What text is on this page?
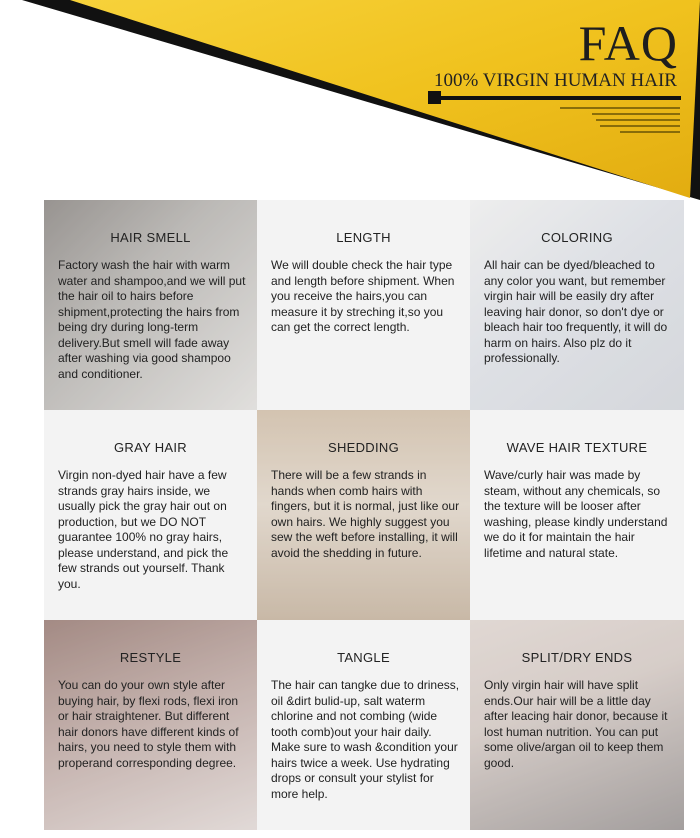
FAQ
100% VIRGIN HUMAN HAIR
HAIR SMELL
Factory wash the hair with warm water and shampoo,and we will put the hair oil to hairs before shipment,protecting the hairs from being dry during long-term delivery.But smell will fade away after washing via good shampoo and conditioner.
LENGTH
We will double check the hair type and length before shipment. When you receive the hairs,you can measure it by streching it,so you can get the correct length.
COLORING
All hair can be dyed/bleached to any color you want, but remember virgin hair will be easily dry after leaving hair donor, so don't dye or bleach hair too frequently, it will do harm on hairs. Also plz do it professionally.
GRAY HAIR
Virgin non-dyed hair have a few strands gray hairs inside, we usually pick the gray hair out on production, but we DO NOT guarantee 100% no gray hairs, please understand, and pick the few strands out yourself. Thank you.
SHEDDING
There will be a few strands in hands when comb hairs with fingers, but it is normal, just like our own hairs. We highly suggest you sew the weft before installing, it will avoid the shedding in future.
WAVE HAIR TEXTURE
Wave/curly hair was made by steam, without any chemicals, so the texture will be looser after washing, please kindly understand we do it for maintain the hair lifetime and natural state.
RESTYLE
You can do your own style after buying hair, by flexi rods, flexi iron or hair straightener. But different hair donors have different kinds of hairs, you need to style them with properand corresponding degree.
TANGLE
The hair can tangke due to driness, oil &dirt bulid-up, salt waterm chlorine and not combing (wide tooth comb)out your hair daily. Make sure to wash &condition your hairs twice a week. Use hydrating drops or consult your stylist for more help.
SPLIT/DRY ENDS
Only virgin hair will have split ends.Our hair will be a little day after leacing hair donor, because it lost human nutrition. You can put some olive/argan oil to keep them good.
